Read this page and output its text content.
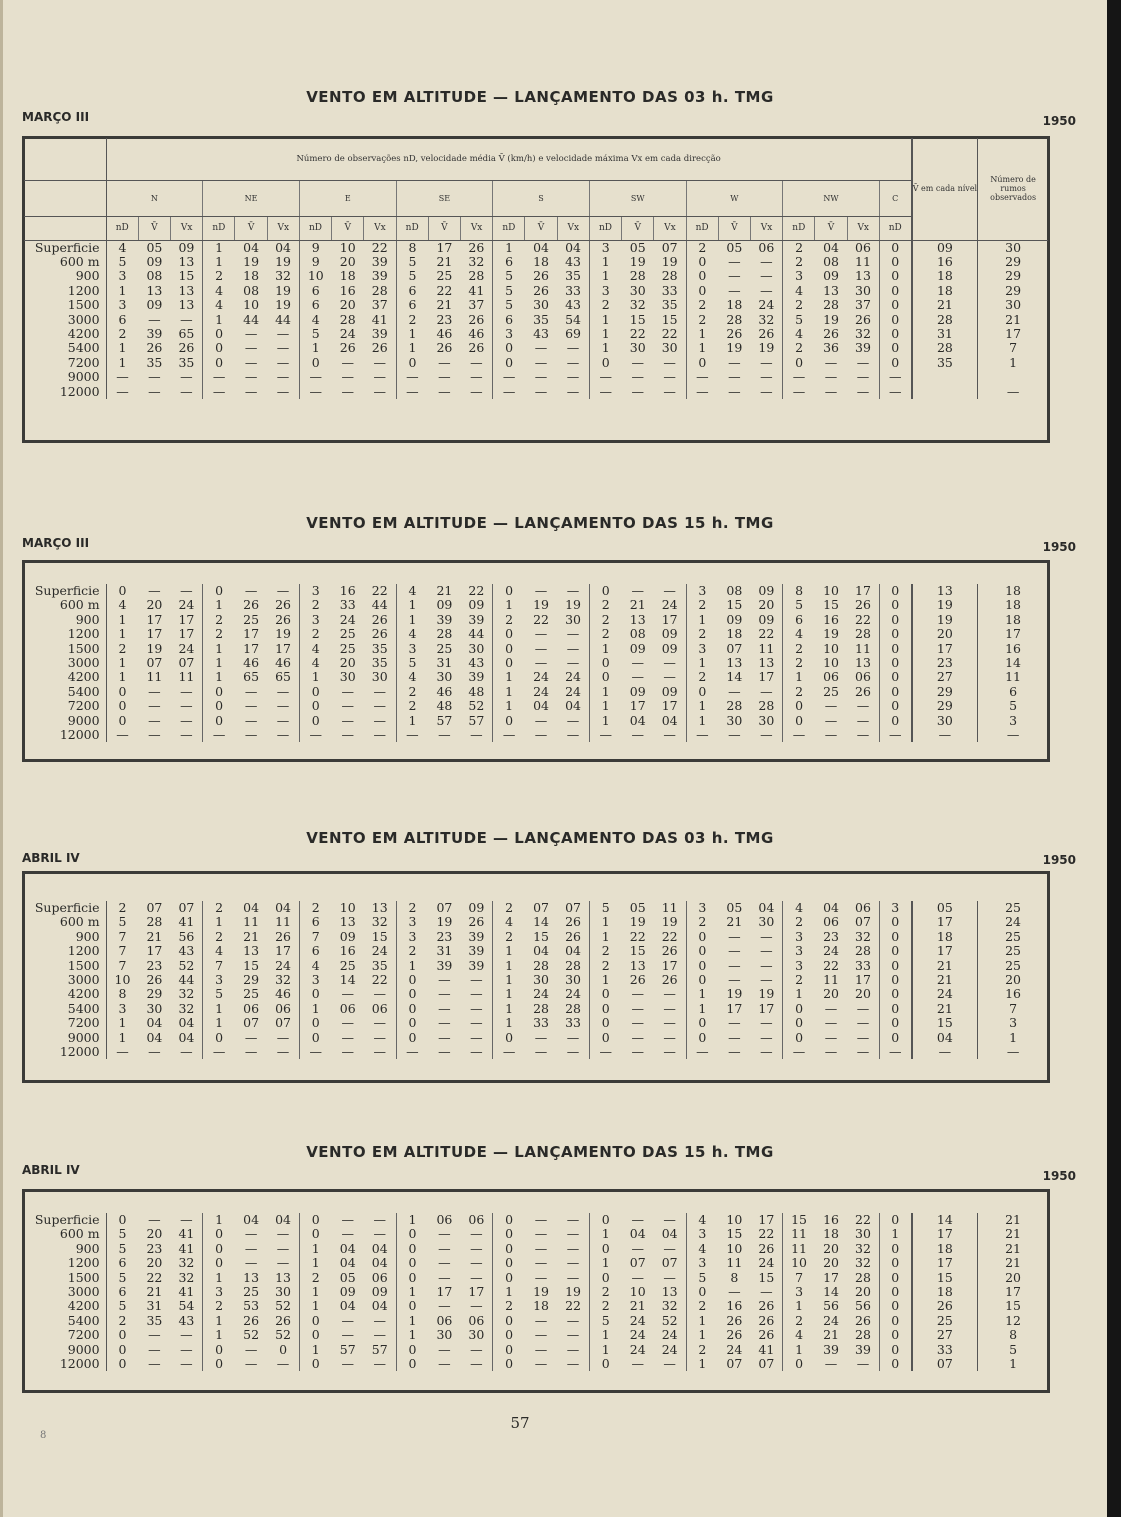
VENTO EM ALTITUDE — LANÇAMENTO DAS 03 h. TMG
MARÇO III	1950
	Número de observações nD, velocidade média V̄ (km/h) e velocidade máxima Vx em cada direcção																									V̄ em cada nível	Número de rumos observados
	N			NE			E			SE			S			SW			W			NW			C		
	nD	V̄	Vx	nD	V̄	Vx	nD	V̄	Vx	nD	V̄	Vx	nD	V̄	Vx	nD	V̄	Vx	nD	V̄	Vx	nD	V̄	Vx	nD		
Superficie	4	05	09	1	04	04	9	10	22	8	17	26	1	04	04	3	05	07	2	05	06	2	04	06	0	09	30
600 m	5	09	13	1	19	19	9	20	39	5	21	32	6	18	43	1	19	19	0	—	—	2	08	11	0	16	29
900	3	08	15	2	18	32	10	18	39	5	25	28	5	26	35	1	28	28	0	—	—	3	09	13	0	18	29
1200	1	13	13	4	08	19	6	16	28	6	22	41	5	26	33	3	30	33	0	—	—	4	13	30	0	18	29
1500	3	09	13	4	10	19	6	20	37	6	21	37	5	30	43	2	32	35	2	18	24	2	28	37	0	21	30
3000	6	—	—	1	44	44	4	28	41	2	23	26	6	35	54	1	15	15	2	28	32	5	19	26	0	28	21
4200	2	39	65	0	—	—	5	24	39	1	46	46	3	43	69	1	22	22	1	26	26	4	26	32	0	31	17
5400	1	26	26	0	—	—	1	26	26	1	26	26	0	—	—	1	30	30	1	19	19	2	36	39	0	28	7
7200	1	35	35	0	—	—	0	—	—	0	—	—	0	—	—	0	—	—	0	—	—	0	—	—	0	35	1
9000	—	—	—	—	—	—	—	—	—	—	—	—	—	—	—	—	—	—	—	—	—	—	—	—	—		
12000	—	—	—	—	—	—	—	—	—	—	—	—	—	—	—	—	—	—	—	—	—	—	—	—	—		—
VENTO EM ALTITUDE — LANÇAMENTO DAS 15 h. TMG
MARÇO III	1950

Superficie	0	—	—	0	—	—	3	16	22	4	21	22	0	—	—	0	—	—	3	08	09	8	10	17	0	13	18
600 m	4	20	24	1	26	26	2	33	44	1	09	09	1	19	19	2	21	24	2	15	20	5	15	26	0	19	18
900	1	17	17	2	25	26	3	24	26	1	39	39	2	22	30	2	13	17	1	09	09	6	16	22	0	19	18
1200	1	17	17	2	17	19	2	25	26	4	28	44	0	—	—	2	08	09	2	18	22	4	19	28	0	20	17
1500	2	19	24	1	17	17	4	25	35	3	25	30	0	—	—	1	09	09	3	07	11	2	10	11	0	17	16
3000	1	07	07	1	46	46	4	20	35	5	31	43	0	—	—	0	—	—	1	13	13	2	10	13	0	23	14
4200	1	11	11	1	65	65	1	30	30	4	30	39	1	24	24	0	—	—	2	14	17	1	06	06	0	27	11
5400	0	—	—	0	—	—	0	—	—	2	46	48	1	24	24	1	09	09	0	—	—	2	25	26	0	29	6
7200	0	—	—	0	—	—	0	—	—	2	48	52	1	04	04	1	17	17	1	28	28	0	—	—	0	29	5
9000	0	—	—	0	—	—	0	—	—	1	57	57	0	—	—	1	04	04	1	30	30	0	—	—	0	30	3
12000	—	—	—	—	—	—	—	—	—	—	—	—	—	—	—	—	—	—	—	—	—	—	—	—	—	—	—
VENTO EM ALTITUDE — LANÇAMENTO DAS 03 h. TMG
ABRIL IV	1950

Superficie	2	07	07	2	04	04	2	10	13	2	07	09	2	07	07	5	05	11	3	05	04	4	04	06	3	05	25
600 m	5	28	41	1	11	11	6	13	32	3	19	26	4	14	26	1	19	19	2	21	30	2	06	07	0	17	24
900	7	21	56	2	21	26	7	09	15	3	23	39	2	15	26	1	22	22	0	—	—	3	23	32	0	18	25
1200	7	17	43	4	13	17	6	16	24	2	31	39	1	04	04	2	15	26	0	—	—	3	24	28	0	17	25
1500	7	23	52	7	15	24	4	25	35	1	39	39	1	28	28	2	13	17	0	—	—	3	22	33	0	21	25
3000	10	26	44	3	29	32	3	14	22	0	—	—	1	30	30	1	26	26	0	—	—	2	11	17	0	21	20
4200	8	29	32	5	25	46	0	—	—	0	—	—	1	24	24	0	—	—	1	19	19	1	20	20	0	24	16
5400	3	30	32	1	06	06	1	06	06	0	—	—	1	28	28	0	—	—	1	17	17	0	—	—	0	21	7
7200	1	04	04	1	07	07	0	—	—	0	—	—	1	33	33	0	—	—	0	—	—	0	—	—	0	15	3
9000	1	04	04	0	—	—	0	—	—	0	—	—	0	—	—	0	—	—	0	—	—	0	—	—	0	04	1
12000	—	—	—	—	—	—	—	—	—	—	—	—	—	—	—	—	—	—	—	—	—	—	—	—	—	—	—
VENTO EM ALTITUDE — LANÇAMENTO DAS 15 h. TMG
ABRIL IV	1950

Superficie	0	—	—	1	04	04	0	—	—	1	06	06	0	—	—	0	—	—	4	10	17	15	16	22	0	14	21
600 m	5	20	41	0	—	—	0	—	—	0	—	—	0	—	—	1	04	04	3	15	22	11	18	30	1	17	21
900	5	23	41	0	—	—	1	04	04	0	—	—	0	—	—	0	—	—	4	10	26	11	20	32	0	18	21
1200	6	20	32	0	—	—	1	04	04	0	—	—	0	—	—	1	07	07	3	11	24	10	20	32	0	17	21
1500	5	22	32	1	13	13	2	05	06	0	—	—	0	—	—	0	—	—	5	8	15	7	17	28	0	15	20
3000	6	21	41	3	25	30	1	09	09	1	17	17	1	19	19	2	10	13	0	—	—	3	14	20	0	18	17
4200	5	31	54	2	53	52	1	04	04	0	—	—	2	18	22	2	21	32	2	16	26	1	56	56	0	26	15
5400	2	35	43	1	26	26	0	—	—	1	06	06	0	—	—	5	24	52	1	26	26	2	24	26	0	25	12
7200	0	—	—	1	52	52	0	—	—	1	30	30	0	—	—	1	24	24	1	26	26	4	21	28	0	27	8
9000	0	—	—	0	—	0	1	57	57	0	—	—	0	—	—	1	24	24	2	24	41	1	39	39	0	33	5
12000	0	—	—	0	—	—	0	—	—	0	—	—	0	—	—	0	—	—	1	07	07	0	—	—	0	07	1
57
8
